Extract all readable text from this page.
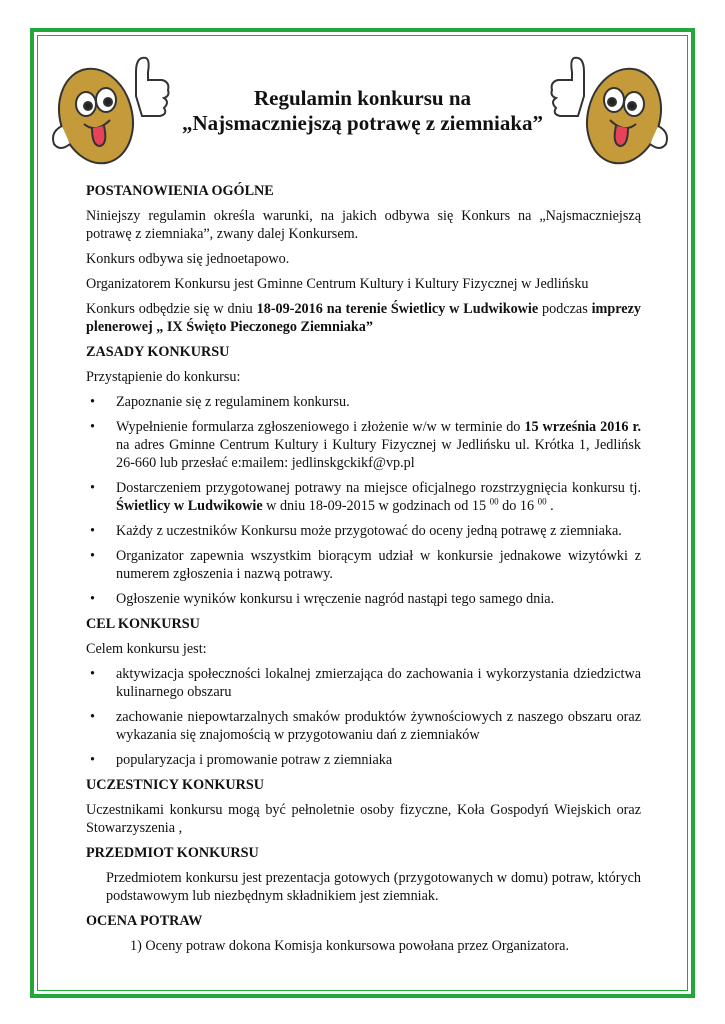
Regulamin konkursu na
„Najsmaczniejszą potrawę z ziemniaka”
POSTANOWIENIA OGÓLNE

Niniejszy regulamin określa warunki, na jakich odbywa się Konkurs na „Najsmaczniejszą potrawę z ziemniaka”, zwany dalej Konkursem.

Konkurs odbywa się jednoetapowo.

Organizatorem Konkursu jest Gminne Centrum Kultury i Kultury Fizycznej w Jedlińsku

Konkurs odbędzie się w dniu 18-09-2016 na terenie Świetlicy w Ludwikowie podczas imprezy plenerowej „ IX Święto Pieczonego Ziemniaka”

ZASADY KONKURSU

Przystąpienie do konkursu:

• Zapoznanie się z regulaminem konkursu.
• Wypełnienie formularza zgłoszeniowego i złożenie w/w w terminie do 15 września 2016 r. na adres Gminne Centrum Kultury i Kultury Fizycznej w Jedlińsku ul. Krótka 1, Jedlińsk 26-660 lub przesłać e:mailem: jedlinskgckikf@vp.pl
• Dostarczeniem przygotowanej potrawy na miejsce oficjalnego rozstrzygnięcia konkursu tj. Świetlicy w Ludwikowie w dniu 18-09-2015 w godzinach od 15 $^{00}$ do 16 $^{00}$ .
• Każdy z uczestników Konkursu może przygotować do oceny jedną potrawę z ziemniaka.
• Organizator zapewnia wszystkim biorącym udział w konkursie jednakowe wizytówki z numerem zgłoszenia i nazwą potrawy.
• Ogłoszenie wyników konkursu i wręczenie nagród nastąpi tego samego dnia.
CEL KONKURSU

Celem konkursu jest:

• aktywizacja społeczności lokalnej zmierzająca do zachowania i wykorzystania dziedzictwa kulinarnego obszaru
• zachowanie niepowtarzalnych smaków produktów żywnościowych z naszego obszaru oraz wykazania się znajomością w przygotowaniu dań z ziemniaków
• popularyzacja i promowanie potraw z ziemniaka
UCZESTNICY KONKURSU

Uczestnikami konkursu mogą być pełnoletnie osoby fizyczne, Koła Gospodyń Wiejskich oraz Stowarzyszenia ,

PRZEDMIOT KONKURSU

Przedmiotem konkursu jest prezentacja gotowych (przygotowanych w domu) potraw, których podstawowym lub niezbędnym składnikiem jest ziemniak.

OCENA POTRAW
1) Oceny potraw dokona Komisja konkursowa powołana przez Organizatora.
